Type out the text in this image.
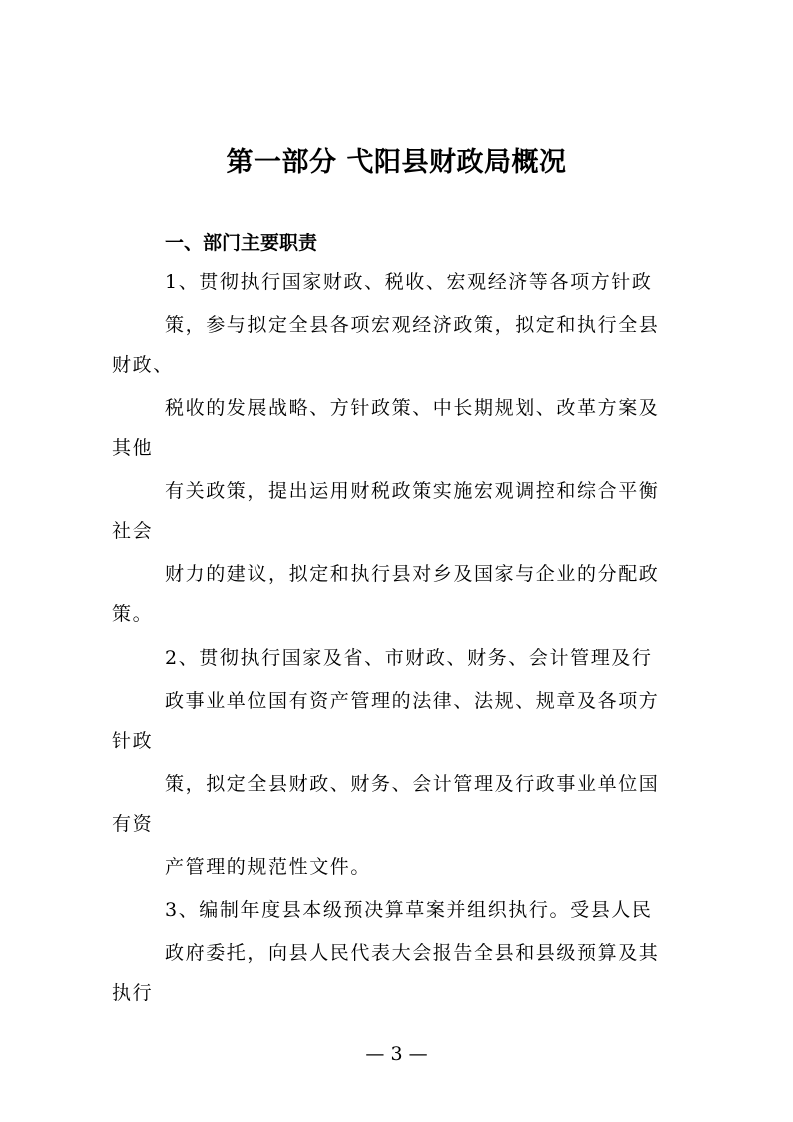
第一部分 弋阳县财政局概况
一、部门主要职责
1、贯彻执行国家财政、税收、宏观经济等各项方针政
策，参与拟定全县各项宏观经济政策，拟定和执行全县
财政、
税收的发展战略、方针政策、中长期规划、改革方案及
其他
有关政策，提出运用财税政策实施宏观调控和综合平衡
社会
财力的建议，拟定和执行县对乡及国家与企业的分配政
策。
2、贯彻执行国家及省、市财政、财务、会计管理及行
政事业单位国有资产管理的法律、法规、规章及各项方
针政
策，拟定全县财政、财务、会计管理及行政事业单位国
有资
产管理的规范性文件。
3、编制年度县本级预决算草案并组织执行。受县人民
政府委托，向县人民代表大会报告全县和县级预算及其
执行
— 3 —
